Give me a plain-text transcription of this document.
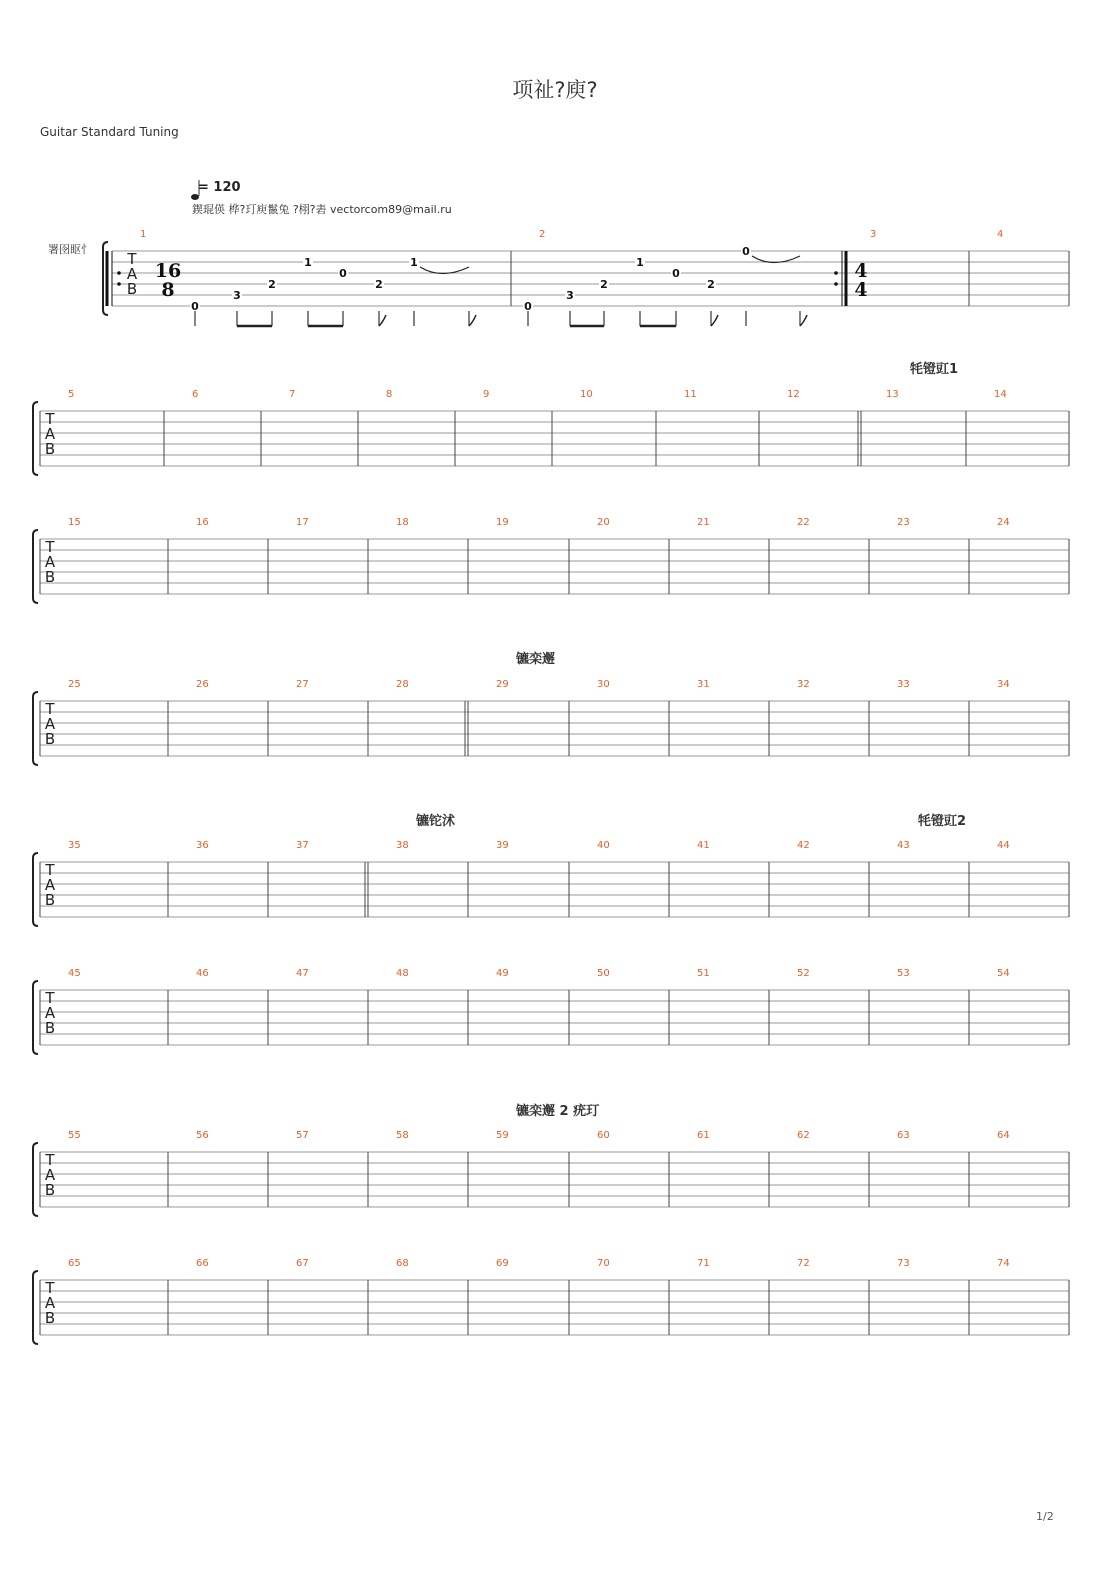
项祉?庾?
Guitar Standard Tuning
= 120
鍥琨偀 桦?玎庾鬣兔 ?栩?砉 vectorcom89@mail.ru
署囹眍忄
1/2
牦镫豇1
镳栾邂
镳铊沭	牦镫豇2
镳栾邂 2 疣玎
T
A
B
1	2	3	4
T
A
B
5	6	7	8	9	10	11	12	13	14
T
A
B
15	16	17	18	19	20	21	22	23	24
T
A
B
25	26	27	28	29	30	31	32	33	34
T
A
B
35	36	37	38	39	40	41	42	43	44
T
A
B
45	46	47	48	49	50	51	52	53	54
T
A
B
55	56	57	58	59	60	61	62	63	64
T
A
B
65	66	67	68	69	70	71	72	73	74
16
8
4
4
0
3
2
1
0
2
1
0
3
2
1
0
2
0
